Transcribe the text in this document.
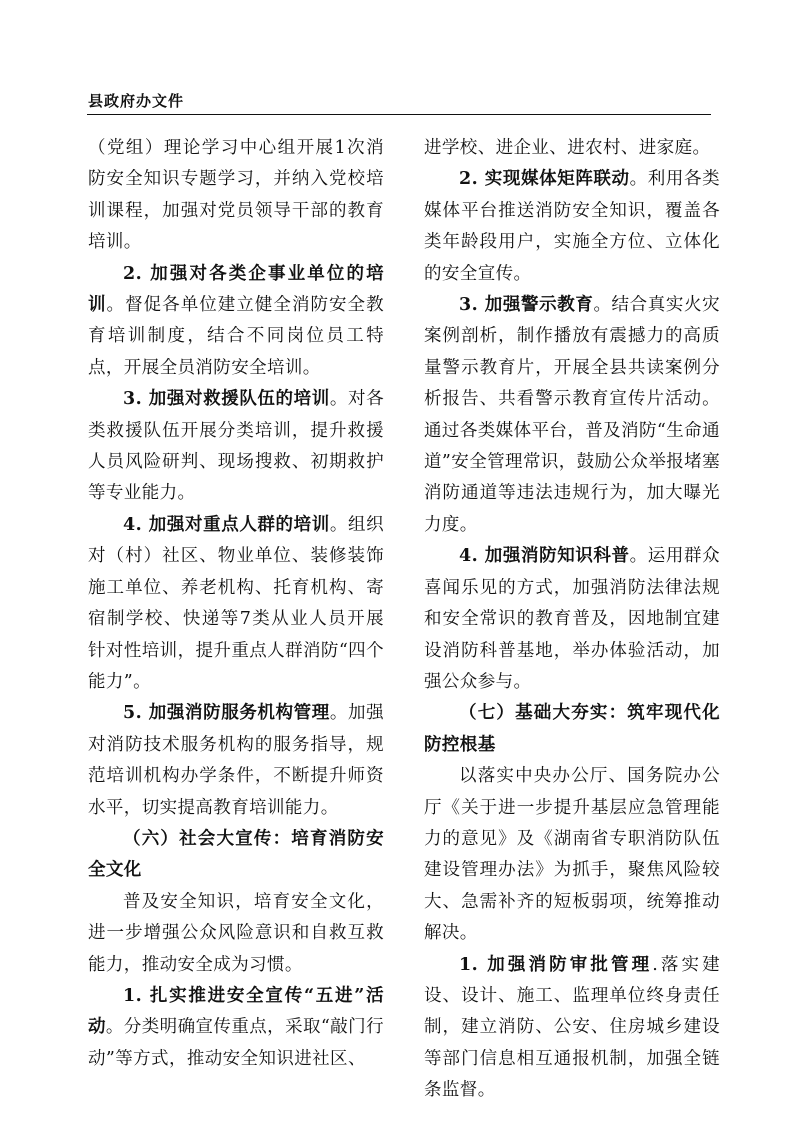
县政府办文件

（党组）理论学习中心组开展1次消防安全知识专题学习，并纳入党校培训课程，加强对党员领导干部的教育培训。

2. 加强对各类企事业单位的培训。督促各单位建立健全消防安全教育培训制度，结合不同岗位员工特点，开展全员消防安全培训。

3. 加强对救援队伍的培训。对各类救援队伍开展分类培训，提升救援人员风险研判、现场搜救、初期救护等专业能力。

4. 加强对重点人群的培训。组织对（村）社区、物业单位、装修装饰施工单位、养老机构、托育机构、寄宿制学校、快递等7类从业人员开展针对性培训，提升重点人群消防“四个能力”。

5. 加强消防服务机构管理。加强对消防技术服务机构的服务指导，规范培训机构办学条件，不断提升师资水平，切实提高教育培训能力。

（六）社会大宣传：培育消防安全文化

普及安全知识，培育安全文化，进一步增强公众风险意识和自救互救能力，推动安全成为习惯。

1. 扎实推进安全宣传“五进”活动。分类明确宣传重点，采取“敲门行动”等方式，推动安全知识进社区、

进学校、进企业、进农村、进家庭。

2. 实现媒体矩阵联动。利用各类媒体平台推送消防安全知识，覆盖各类年龄段用户，实施全方位、立体化的安全宣传。

3. 加强警示教育。结合真实火灾案例剖析，制作播放有震撼力的高质量警示教育片，开展全县共读案例分析报告、共看警示教育宣传片活动。通过各类媒体平台，普及消防“生命通道”安全管理常识，鼓励公众举报堵塞消防通道等违法违规行为，加大曝光力度。

4. 加强消防知识科普。运用群众喜闻乐见的方式，加强消防法律法规和安全常识的教育普及，因地制宜建设消防科普基地，举办体验活动，加强公众参与。

（七）基础大夯实：筑牢现代化防控根基

以落实中央办公厅、国务院办公厅《关于进一步提升基层应急管理能力的意见》及《湖南省专职消防队伍建设管理办法》为抓手，聚焦风险较大、急需补齐的短板弱项，统筹推动解决。

1. 加强消防审批管理.落实建设、设计、施工、监理单位终身责任制，建立消防、公安、住房城乡建设等部门信息相互通报机制，加强全链条监督。
